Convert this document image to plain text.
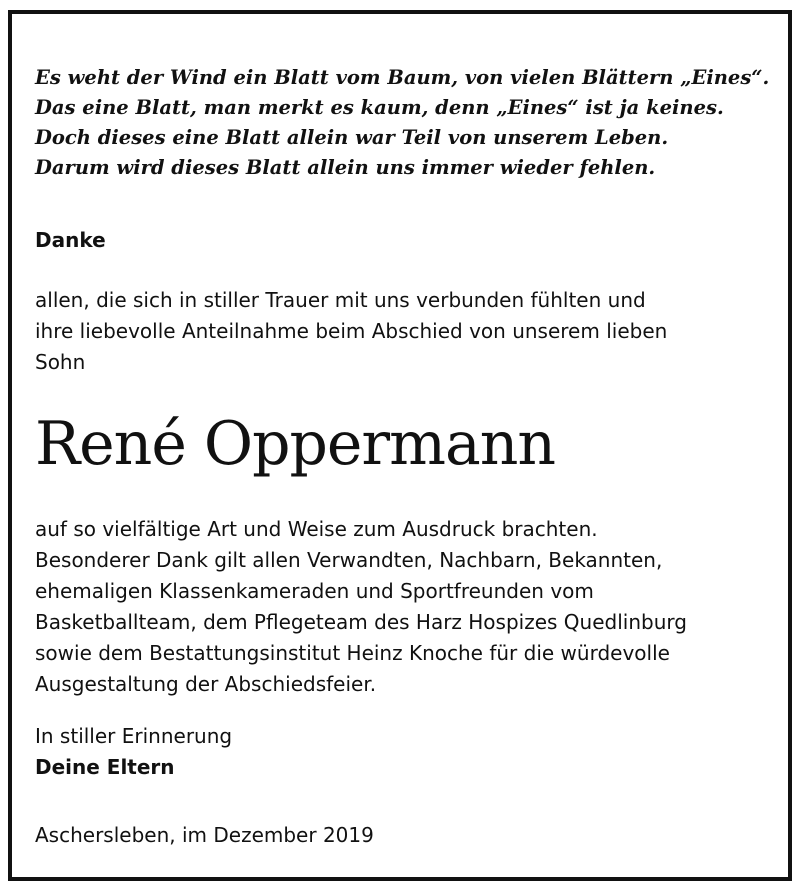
Es weht der Wind ein Blatt vom Baum, von vielen Blättern „Eines“.
Das eine Blatt, man merkt es kaum, denn „Eines“ ist ja keines.
Doch dieses eine Blatt allein war Teil von unserem Leben.
Darum wird dieses Blatt allein uns immer wieder fehlen.
Danke
allen, die sich in stiller Trauer mit uns verbunden fühlten und
ihre liebevolle Anteilnahme beim Abschied von unserem lieben
Sohn
René Oppermann
auf so vielfältige Art und Weise zum Ausdruck brachten.
Besonderer Dank gilt allen Verwandten, Nachbarn, Bekannten,
ehemaligen Klassenkameraden und Sportfreunden vom
Basketballteam, dem Pflegeteam des Harz Hospizes Quedlinburg
sowie dem Bestattungsinstitut Heinz Knoche für die würdevolle
Ausgestaltung der Abschiedsfeier.
In stiller Erinnerung
Deine Eltern
Aschersleben, im Dezember 2019
